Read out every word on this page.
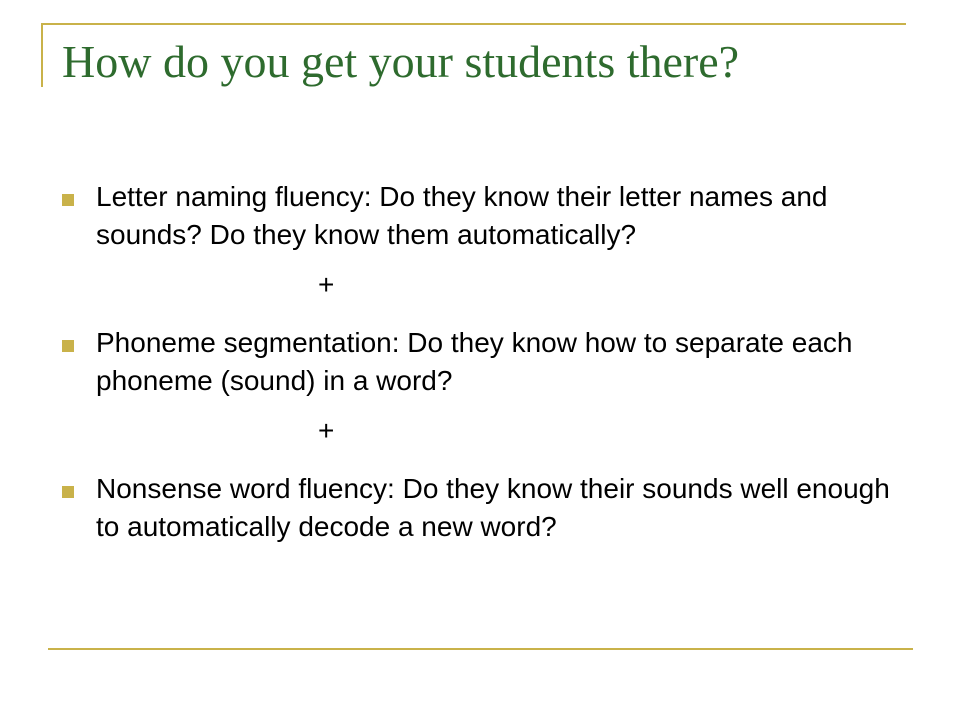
How do you get your students there?
Letter naming fluency: Do they know their letter names and sounds? Do they know them automatically?
+
Phoneme segmentation: Do they know how to separate each phoneme (sound) in a word?
+
Nonsense word fluency: Do they know their sounds well enough to automatically decode a new word?
